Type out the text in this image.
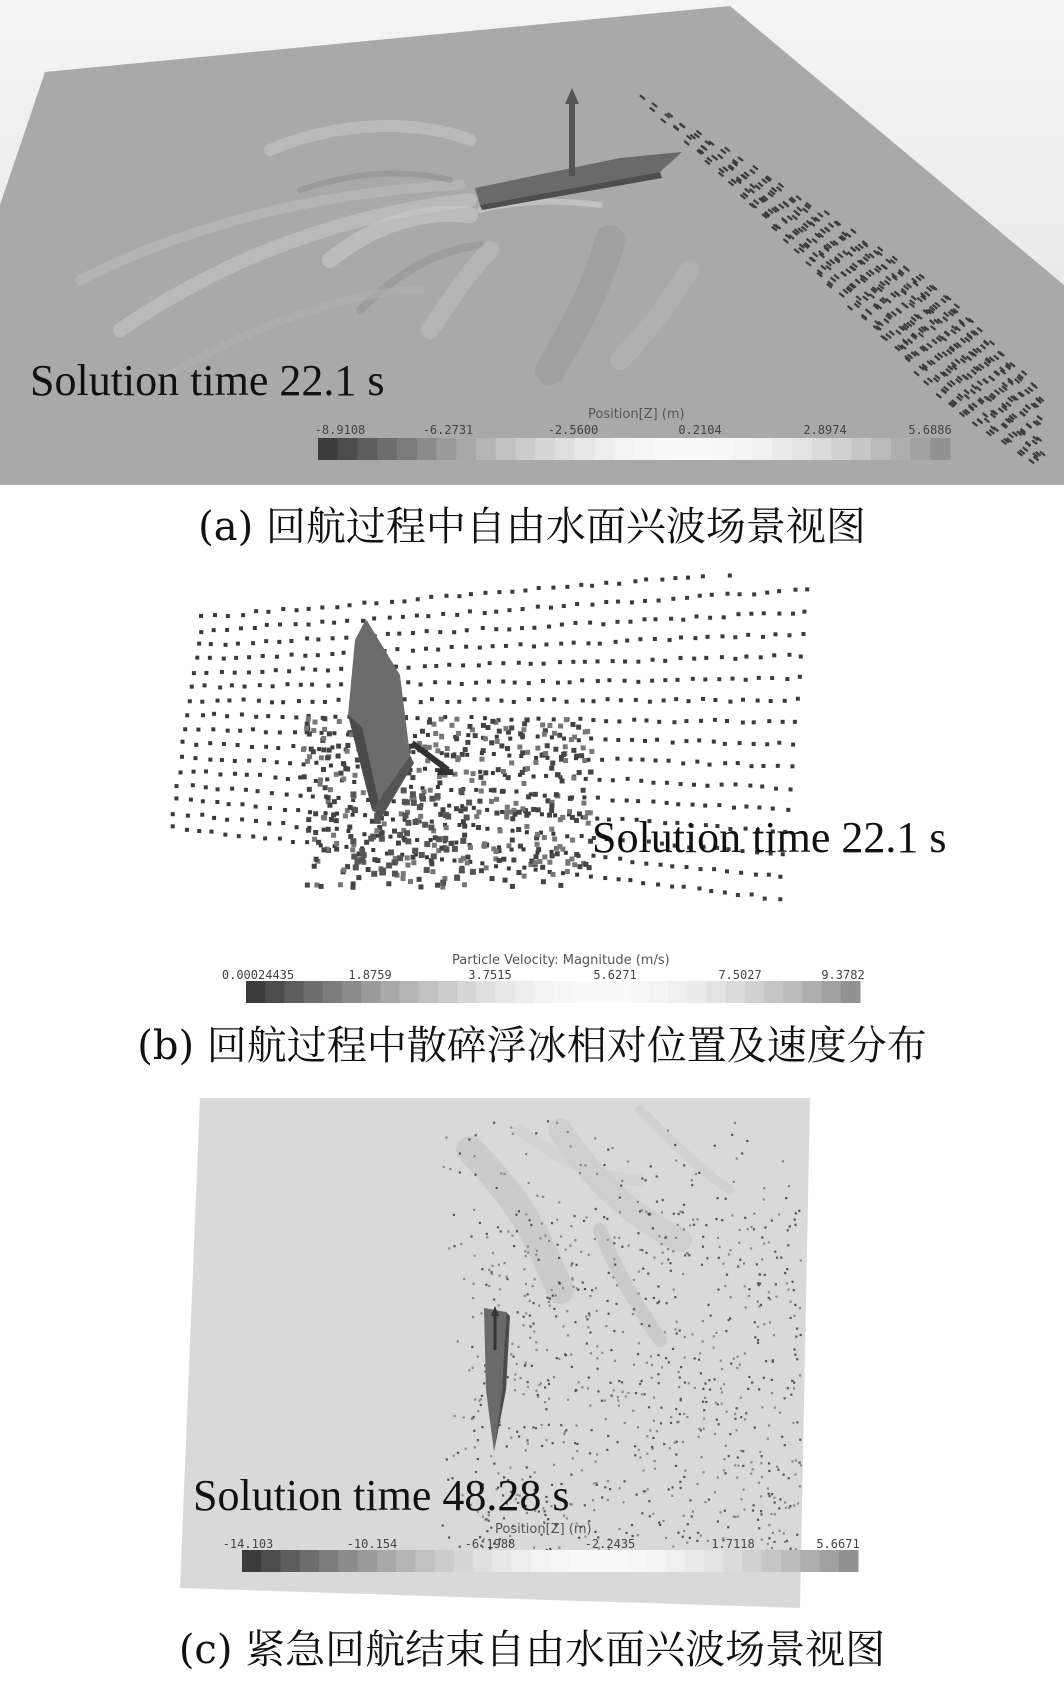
Solution time 22.1 s
Position[Z] (m)
-8.9108	-6.2731	-2.5600	0.2104	2.8974	5.6886
(a) 回航过程中自由水面兴波场景视图
Solution time 22.1 s
Particle Velocity: Magnitude (m/s)
0.00024435	1.8759	3.7515	5.6271	7.5027	9.3782
(b) 回航过程中散碎浮冰相对位置及速度分布
Solution time 48.28 s
Position[Z] (m)
-14.103	-10.154	-6.1988	-2.2435	1.7118	5.6671
(c) 紧急回航结束自由水面兴波场景视图
